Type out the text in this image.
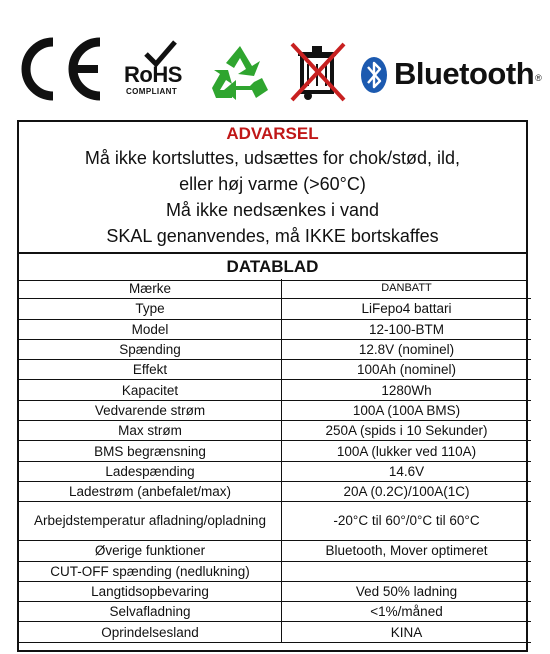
RoHS
COMPLIANT
Bluetooth®
ADVARSEL
Må ikke kortsluttes, udsættes for chok/stød, ild,
eller høj varme (>60°C)
Må ikke nedsænkes i vand
SKAL genanvendes, må IKKE bortskaffes
DATABLAD
Mærke	DANBATT
Type	LiFepo4 battari
Model	12-100-BTM
Spænding	12.8V (nominel)
Effekt	100Ah (nominel)
Kapacitet	1280Wh
Vedvarende strøm	100A (100A BMS)
Max strøm	250A (spids i 10 Sekunder)
BMS begrænsning	100A (lukker ved 110A)
Ladespænding	14.6V
Ladestrøm (anbefalet/max)	20A (0.2C)/100A(1C)
Arbejdstemperatur afladning/opladning	-20°C til 60°/0°C til 60°C
Øverige funktioner	Bluetooth, Mover optimeret
CUT-OFF spænding (nedlukning)	
Langtidsopbevaring	Ved 50% ladning
Selvafladning	<1%/måned
Oprindelsesland	KINA
